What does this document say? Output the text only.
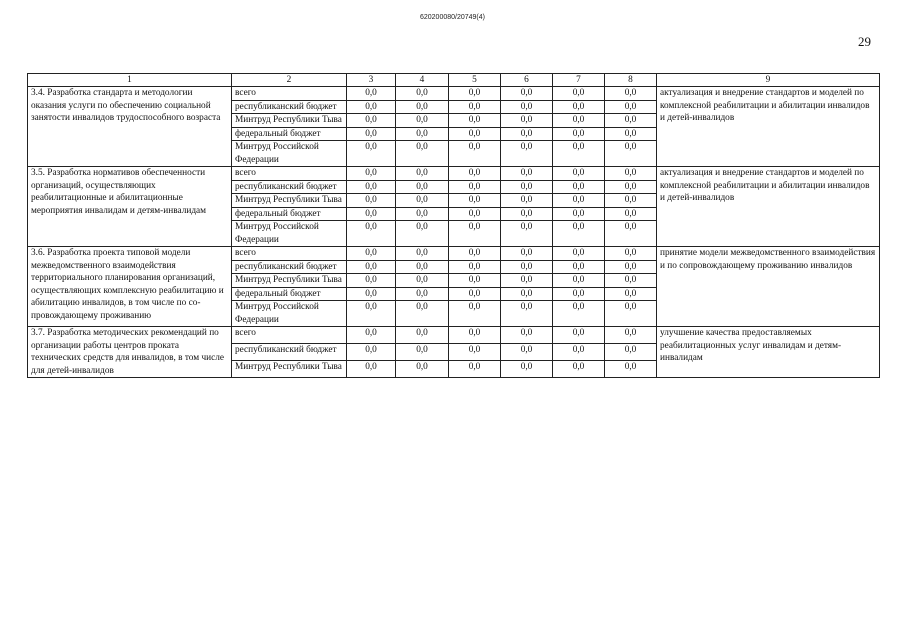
620200080/20749(4)
29
1	2	3	4	5	6	7	8	9
3.4. Разработка стандарта и методологии оказания услуги по обеспечению социальной занятости инвалидов трудоспособного возраста	всего	0,0	0,0	0,0	0,0	0,0	0,0	актуализация и внедрение стандартов и моделей по комплексной реабилитации и абилитации инвалидов и детей-инвалидов
	республиканский бюджет	0,0	0,0	0,0	0,0	0,0	0,0	
	Минтруд Республики Тыва	0,0	0,0	0,0	0,0	0,0	0,0	
	федеральный бюджет	0,0	0,0	0,0	0,0	0,0	0,0	
	Минтруд Российской Федерации	0,0	0,0	0,0	0,0	0,0	0,0	
3.5. Разработка нормативов обеспеченности организаций, осуществляющих реабилитационные и абилитационные мероприятия инвалидам и детям-инвалидам	всего	0,0	0,0	0,0	0,0	0,0	0,0	актуализация и внедрение стандартов и моделей по комплексной реабилитации и абилитации инвалидов и детей-инвалидов
	республиканский бюджет	0,0	0,0	0,0	0,0	0,0	0,0	
	Минтруд Республики Тыва	0,0	0,0	0,0	0,0	0,0	0,0	
	федеральный бюджет	0,0	0,0	0,0	0,0	0,0	0,0	
	Минтруд Российской Федерации	0,0	0,0	0,0	0,0	0,0	0,0	
3.6. Разработка проекта типовой модели межведомственного взаимодействия территориального планирования организаций, осуществляющих комплексную реабилитацию и абилитацию инвалидов, в том числе по сопровождающему проживанию	всего	0,0	0,0	0,0	0,0	0,0	0,0	принятие модели межведомственного взаимодействия и по сопровождающему проживанию инвалидов
	республиканский бюджет	0,0	0,0	0,0	0,0	0,0	0,0	
	Минтруд Республики Тыва	0,0	0,0	0,0	0,0	0,0	0,0	
	федеральный бюджет	0,0	0,0	0,0	0,0	0,0	0,0	
	Минтруд Российской Федерации	0,0	0,0	0,0	0,0	0,0	0,0	
3.7. Разработка методических рекомендаций по организации работы центров проката технических средств для инвалидов, в том числе для детей-инвалидов	всего	0,0	0,0	0,0	0,0	0,0	0,0	улучшение качества предоставляемых реабилитационных услуг инвалидам и детям-инвалидам
	республиканский бюджет	0,0	0,0	0,0	0,0	0,0	0,0	
	Минтруд Республики Тыва	0,0	0,0	0,0	0,0	0,0	0,0	
